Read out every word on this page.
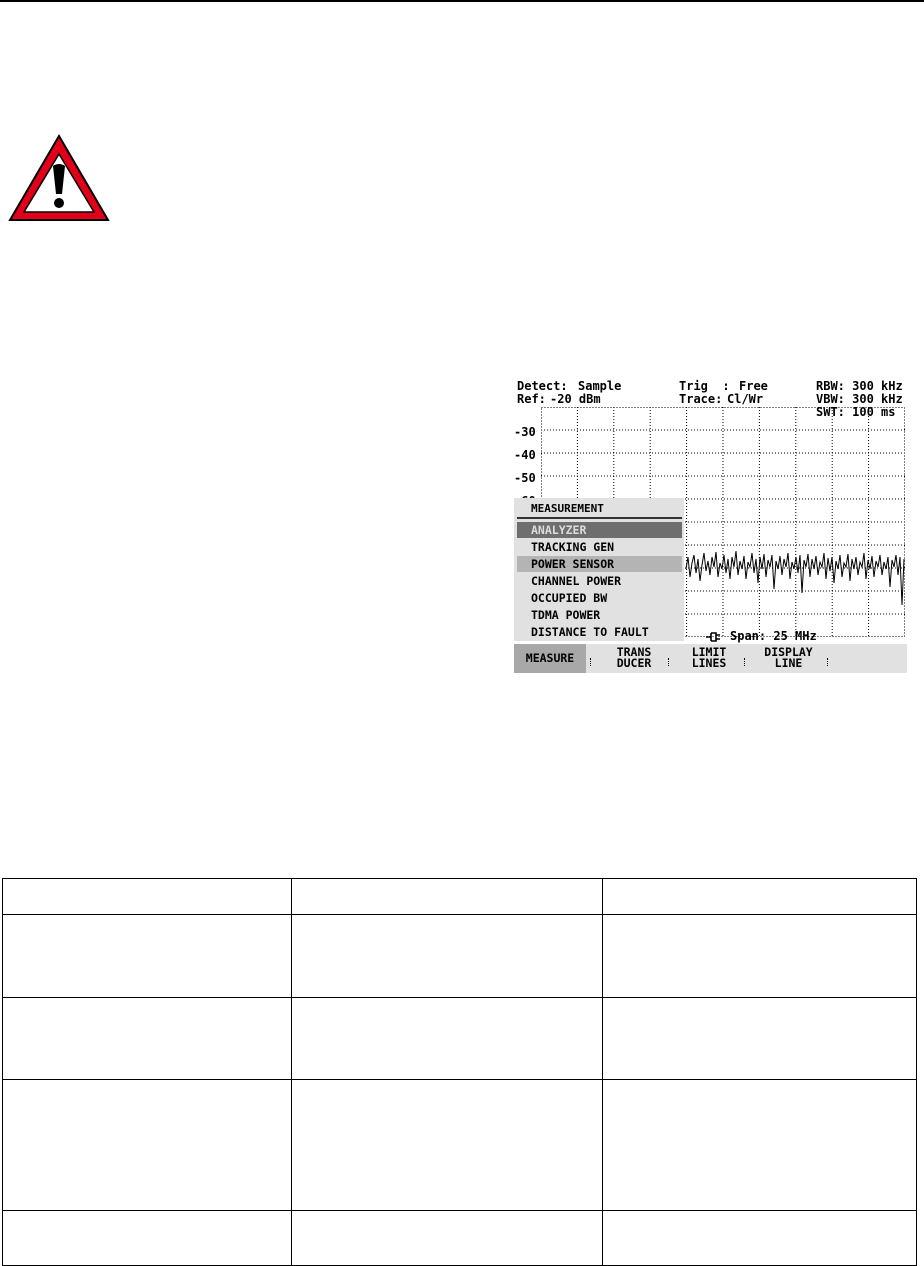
Detect: Sample	Trig  : Free	RBW: 300 kHz
Ref: -20 dBm	Trace: Cl/Wr	VBW: 300 kHz
SWT: 100 ms
-30
-40
-50
MEASUREMENT
ANALYZER
TRACKING GEN
POWER SENSOR
CHANNEL POWER
OCCUPIED BW
TDMA POWER
DISTANCE TO FAULT	Span: 25 MHz
MEASURE	TRANS
DUCER
LIMIT
LINES
DISPLAY
LINE
